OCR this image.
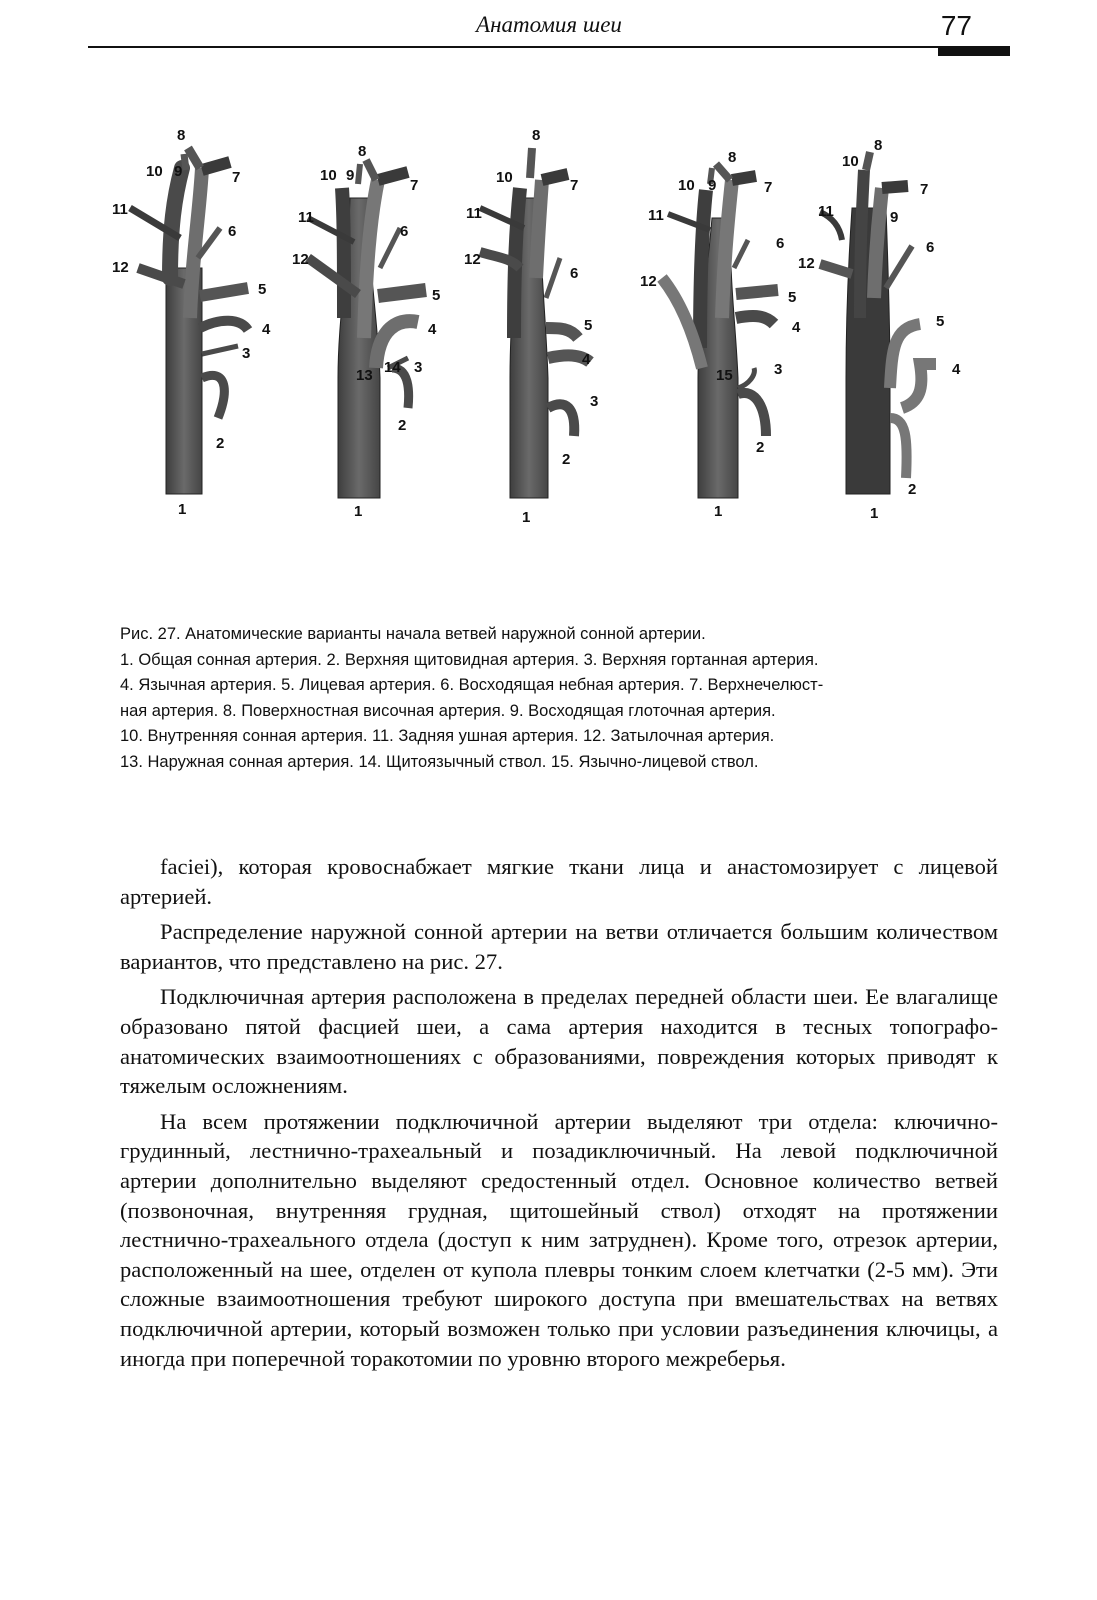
Анатомия шеи	77
8
10 9	7
11
6
12
5
4
3
2
1
8
10 9
7
11
6
12
5
4
3
14
13
2
1
8
10	7
11
12
6
5
4
3
2
1
8
10 9	7
11
6
12
5
4
15	3
2
1
8
10
7
11	9
6
12
5
4
2
1

Рис. 27. Анатомические варианты начала ветвей наружной сонной артерии.

1. Общая сонная артерия. 2. Верхняя щитовидная артерия. 3. Верхняя гортанная артерия.

4. Язычная артерия. 5. Лицевая артерия. 6. Восходящая небная артерия. 7. Верхнечелюст-

ная артерия. 8. Поверхностная височная артерия. 9. Восходящая глоточная артерия.

10. Внутренняя сонная артерия. 11. Задняя ушная артерия. 12. Затылочная артерия.

13. Наружная сонная артерия. 14. Щитоязычный ствол. 15. Язычно-лицевой ствол.

faciei), которая кровоснабжает мягкие ткани лица и анастомозирует с лицевой артерией.

Распределение наружной сонной артерии на ветви отличается большим количеством вариантов, что представлено на рис. 27.

Подключичная артерия расположена в пределах передней области шеи. Ее влагалище образовано пятой фасцией шеи, а сама артерия находится в тесных топографо-анатомических взаимоотношениях с образованиями, повреждения которых приводят к тяжелым осложнениям.

На всем протяжении подключичной артерии выделяют три отдела: ключично-грудинный, лестнично-трахеальный и позадиключичный. На левой подключичной артерии дополнительно выделяют средостенный отдел. Основное количество ветвей (позвоночная, внутренняя грудная, щитошейный ствол) отходят на протяжении лестнично-трахеального отдела (доступ к ним затруднен). Кроме того, отрезок артерии, расположенный на шее, отделен от купола плевры тонким слоем клетчатки (2-5 мм). Эти сложные взаимоотношения требуют широкого доступа при вмешательствах на ветвях подключичной артерии, который возможен только при условии разъединения ключицы, а иногда при поперечной торакотомии по уровню второго межреберья.
